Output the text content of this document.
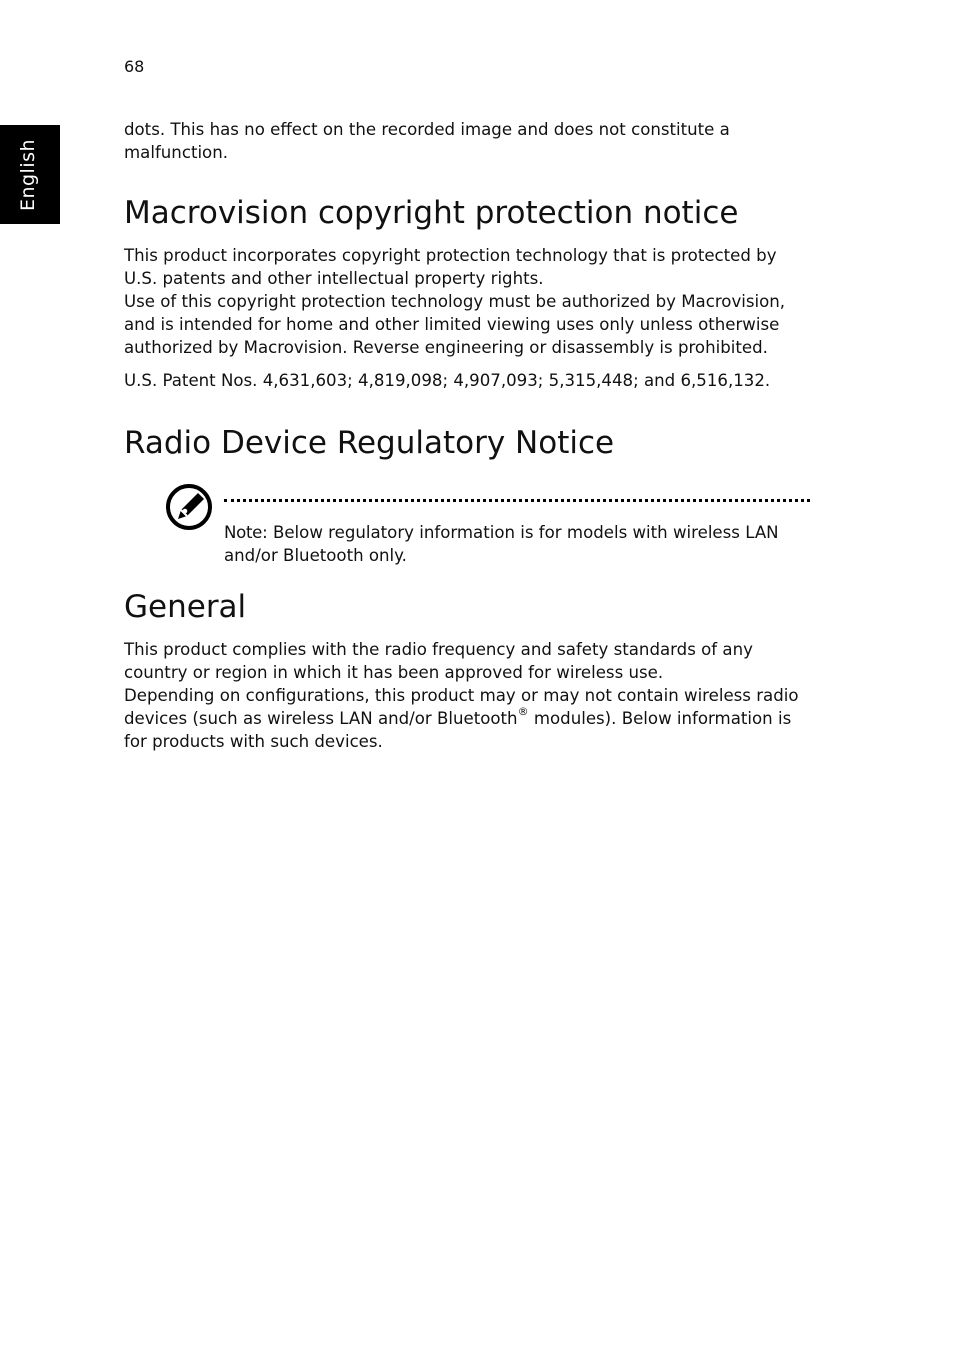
68
English

dots. This has no effect on the recorded image and does not constitute a malfunction.

Macrovision copyright protection notice

This product incorporates copyright protection technology that is protected by U.S. patents and other intellectual property rights.

Use of this copyright protection technology must be authorized by Macrovision, and is intended for home and other limited viewing uses only unless otherwise authorized by Macrovision. Reverse engineering or disassembly is prohibited.

U.S. Patent Nos. 4,631,603; 4,819,098; 4,907,093; 5,315,448; and 6,516,132.

Radio Device Regulatory Notice

Note: Below regulatory information is for models with wireless LAN and/or Bluetooth only.

General

This product complies with the radio frequency and safety standards of any country or region in which it has been approved for wireless use.

Depending on configurations, this product may or may not contain wireless radio devices (such as wireless LAN and/or Bluetooth® modules). Below information is for products with such devices.
